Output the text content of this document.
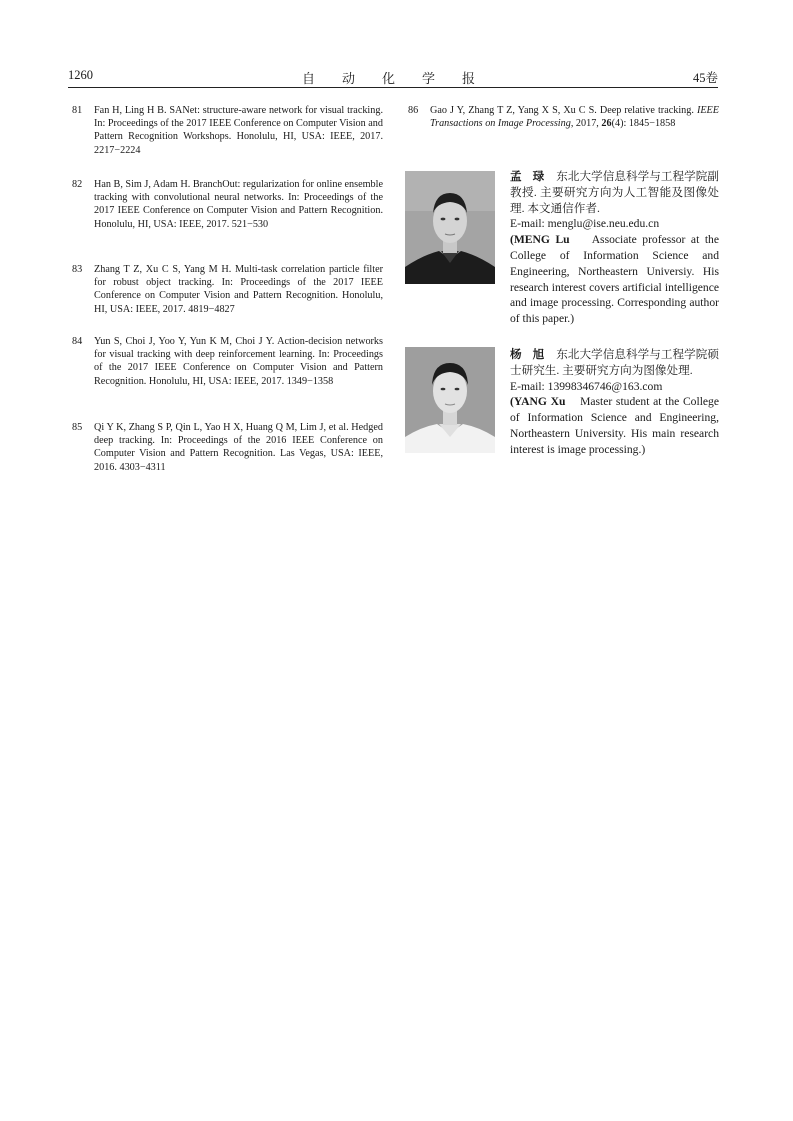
1260	自动化学报	45卷
81 Fan H, Ling H B. SANet: structure-aware network for visual tracking. In: Proceedings of the 2017 IEEE Conference on Computer Vision and Pattern Recognition Workshops. Honolulu, HI, USA: IEEE, 2017. 2217−2224
82 Han B, Sim J, Adam H. BranchOut: regularization for online ensemble tracking with convolutional neural networks. In: Proceedings of the 2017 IEEE Conference on Computer Vision and Pattern Recognition. Honolulu, HI, USA: IEEE, 2017. 521−530
83 Zhang T Z, Xu C S, Yang M H. Multi-task correlation particle filter for robust object tracking. In: Proceedings of the 2017 IEEE Conference on Computer Vision and Pattern Recognition. Honolulu, HI, USA: IEEE, 2017. 4819−4827
84 Yun S, Choi J, Yoo Y, Yun K M, Choi J Y. Action-decision networks for visual tracking with deep reinforcement learning. In: Proceedings of the 2017 IEEE Conference on Computer Vision and Pattern Recognition. Honolulu, HI, USA: IEEE, 2017. 1349−1358
85 Qi Y K, Zhang S P, Qin L, Yao H X, Huang Q M, Lim J, et al. Hedged deep tracking. In: Proceedings of the 2016 IEEE Conference on Computer Vision and Pattern Recognition. Las Vegas, USA: IEEE, 2016. 4303−4311
86 Gao J Y, Zhang T Z, Yang X S, Xu C S. Deep relative tracking. IEEE Transactions on Image Processing, 2017, 26(4): 1845−1858
孟 琭 东北大学信息科学与工程学院副教授. 主要研究方向为人工智能及图像处理. 本文通信作者.
E-mail: menglu@ise.neu.edu.cn
(MENG Lu Associate professor at the College of Information Science and Engineering, Northeastern Universiy. His research interest covers artificial intelligence and image processing. Corresponding author of this paper.)
杨 旭 东北大学信息科学与工程学院硕士研究生. 主要研究方向为图像处理.
E-mail: 13998346746@163.com
(YANG Xu Master student at the College of Information Science and Engineering, Northeastern University. His main research interest is image processing.)
